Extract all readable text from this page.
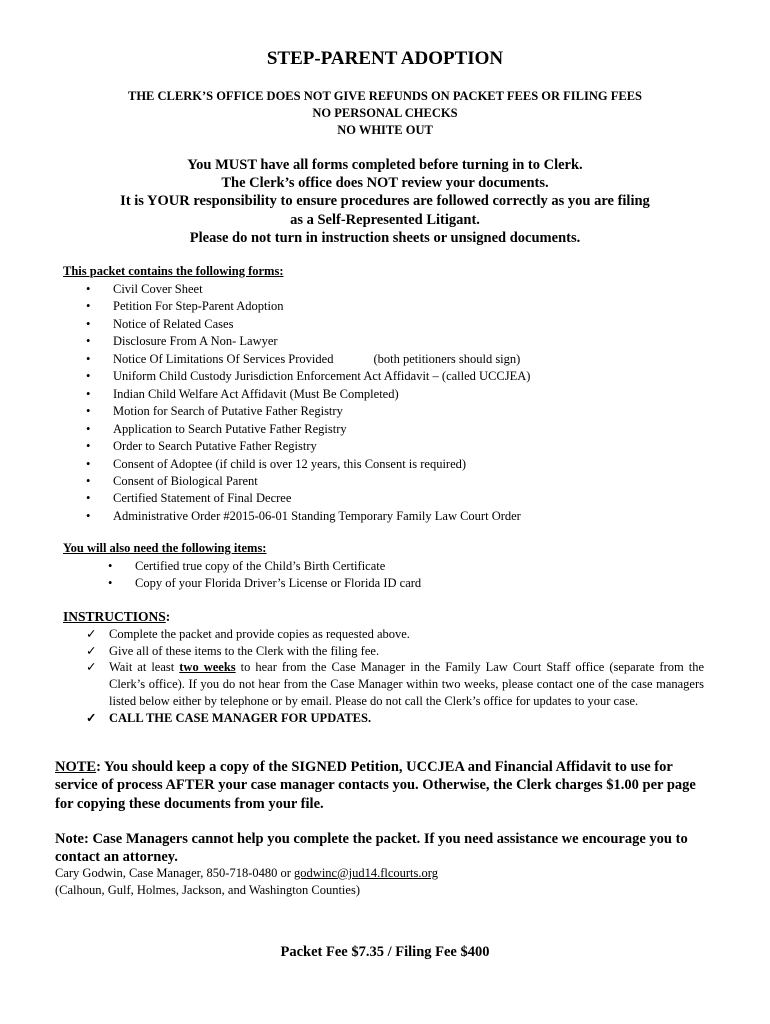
STEP-PARENT ADOPTION
THE CLERK’S OFFICE DOES NOT GIVE REFUNDS ON PACKET FEES OR FILING FEES
NO PERSONAL CHECKS
NO WHITE OUT
You MUST have all forms completed before turning in to Clerk.
The Clerk’s office does NOT review your documents.
It is YOUR responsibility to ensure procedures are followed correctly as you are filing
as a Self-Represented Litigant.
Please do not turn in instruction sheets or unsigned documents.
This packet contains the following forms:
• Civil Cover Sheet
• Petition For Step-Parent Adoption
• Notice of Related Cases
• Disclosure From A Non- Lawyer
• Notice Of Limitations Of Services Provided	(both petitioners should sign)
• Uniform Child Custody Jurisdiction Enforcement Act Affidavit – (called UCCJEA)
• Indian Child Welfare Act Affidavit (Must Be Completed)
• Motion for Search of Putative Father Registry
• Application to Search Putative Father Registry
• Order to Search Putative Father Registry
• Consent of Adoptee (if child is over 12 years, this Consent is required)
• Consent of Biological Parent
• Certified Statement of Final Decree
• Administrative Order #2015-06-01 Standing Temporary Family Law Court Order
You will also need the following items:
• Certified true copy of the Child’s Birth Certificate
• Copy of your Florida Driver’s License or Florida ID card
INSTRUCTIONS:
✓ Complete the packet and provide copies as requested above.
✓ Give all of these items to the Clerk with the filing fee.
✓ Wait at least two weeks to hear from the Case Manager in the Family Law Court Staff office (separate from the Clerk’s office). If you do not hear from the Case Manager within two weeks, please contact one of the case managers listed below either by telephone or by email. Please do not call the Clerk’s office for updates to your case.
✓ CALL THE CASE MANAGER FOR UPDATES.
NOTE: You should keep a copy of the SIGNED Petition, UCCJEA and Financial Affidavit to use for service of process AFTER your case manager contacts you. Otherwise, the Clerk charges $1.00 per page for copying these documents from your file.
Note: Case Managers cannot help you complete the packet. If you need assistance we encourage you to contact an attorney.
Cary Godwin, Case Manager, 850-718-0480 or godwinc@jud14.flcourts.org
(Calhoun, Gulf, Holmes, Jackson, and Washington Counties)
Packet Fee $7.35 / Filing Fee $400
